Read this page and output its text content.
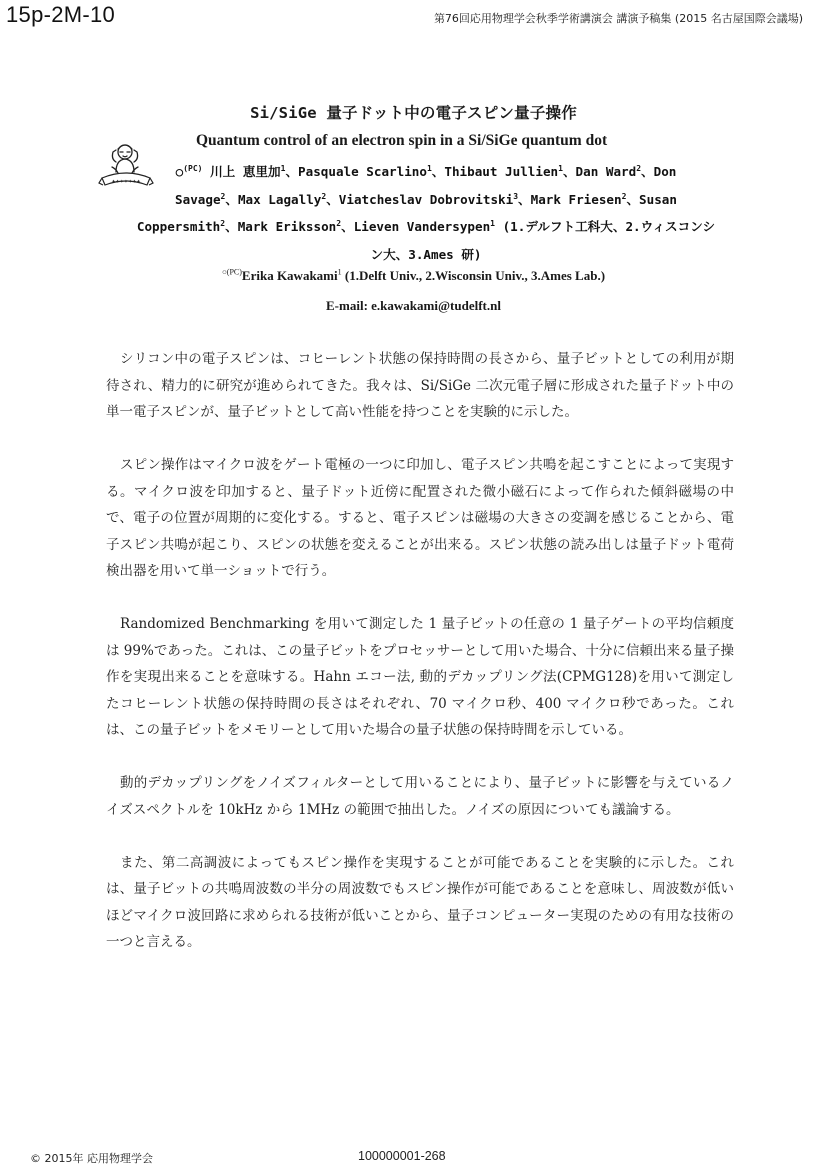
15p-2M-10	第76回応用物理学会秋季学術講演会 講演予稿集 (2015 名古屋国際会議場)
✦✦✦✦✦✦✦
Si/SiGe 量子ドット中の電子スピン量子操作
Quantum control of an electron spin in a Si/SiGe quantum dot
○$^{(PC)}$ 川上 恵里加$^1$、Pasquale Scarlino$^1$、Thibaut Jullien$^1$、Dan Ward$^2$、Don
Savage$^2$、Max Lagally$^2$、Viatcheslav Dobrovitski$^3$、Mark Friesen$^2$、Susan
Coppersmith$^2$、Mark Eriksson$^2$、Lieven Vandersypen$^1$ (1.デルフト工科大、2.ウィスコンシ
ン大、3.Ames 研)
$^{○(PC)}$Erika Kawakami$^1$ (1.Delft Univ., 2.Wisconsin Univ., 3.Ames Lab.)
E-mail: e.kawakami@tudelft.nl

シリコン中の電子スピンは、コヒーレント状態の保持時間の長さから、量子ビットとしての利用が期待され、精力的に研究が進められてきた。我々は、Si/SiGe 二次元電子層に形成された量子ドット中の単一電子スピンが、量子ビットとして高い性能を持つことを実験的に示した。

スピン操作はマイクロ波をゲート電極の一つに印加し、電子スピン共鳴を起こすことによって実現する。マイクロ波を印加すると、量子ドット近傍に配置された微小磁石によって作られた傾斜磁場の中で、電子の位置が周期的に変化する。すると、電子スピンは磁場の大きさの変調を感じることから、電子スピン共鳴が起こり、スピンの状態を変えることが出来る。スピン状態の読み出しは量子ドット電荷検出器を用いて単一ショットで行う。

Randomized Benchmarking を用いて測定した 1 量子ビットの任意の 1 量子ゲートの平均信頼度は 99%であった。これは、この量子ビットをプロセッサーとして用いた場合、十分に信頼出来る量子操作を実現出来ることを意味する。Hahn エコー法, 動的デカップリング法(CPMG128)を用いて測定したコヒーレント状態の保持時間の長さはそれぞれ、70 マイクロ秒、400 マイクロ秒であった。これは、この量子ビットをメモリーとして用いた場合の量子状態の保持時間を示している。

動的デカップリングをノイズフィルターとして用いることにより、量子ビットに影響を与えているノイズスペクトルを 10kHz から 1MHz の範囲で抽出した。ノイズの原因についても議論する。

また、第二高調波によってもスピン操作を実現することが可能であることを実験的に示した。これは、量子ビットの共鳴周波数の半分の周波数でもスピン操作が可能であることを意味し、周波数が低いほどマイクロ波回路に求められる技術が低いことから、量子コンピューター実現のための有用な技術の一つと言える。

© 2015年 応用物理学会	100000001-268
